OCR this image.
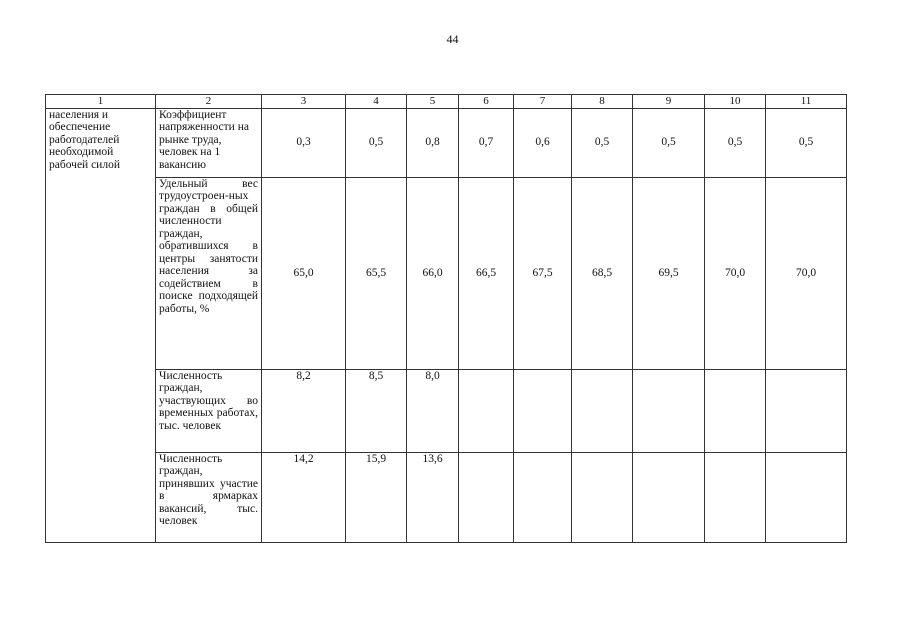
44
1	2	3	4	5	6	7	8	9	10	11
населения и обеспечение работодателей необходимой рабочей силой	Коэффициент напряженности на рынке труда, человек на 1 вакансию	0,3	0,5	0,8	0,7	0,6	0,5	0,5	0,5	0,5
	Удельный вес трудоустроен-ных граждан в общей численности граждан, обратившихся в центры занятости населения за содействием в поиске подходящей работы, %	65,0	65,5	66,0	66,5	67,5	68,5	69,5	70,0	70,0
	Численность граждан, участвующих во временных работах, тыс. человек	8,2	8,5	8,0						
	Численность граждан, принявших участие в ярмарках вакансий, тыс. человек	14,2	15,9	13,6						
